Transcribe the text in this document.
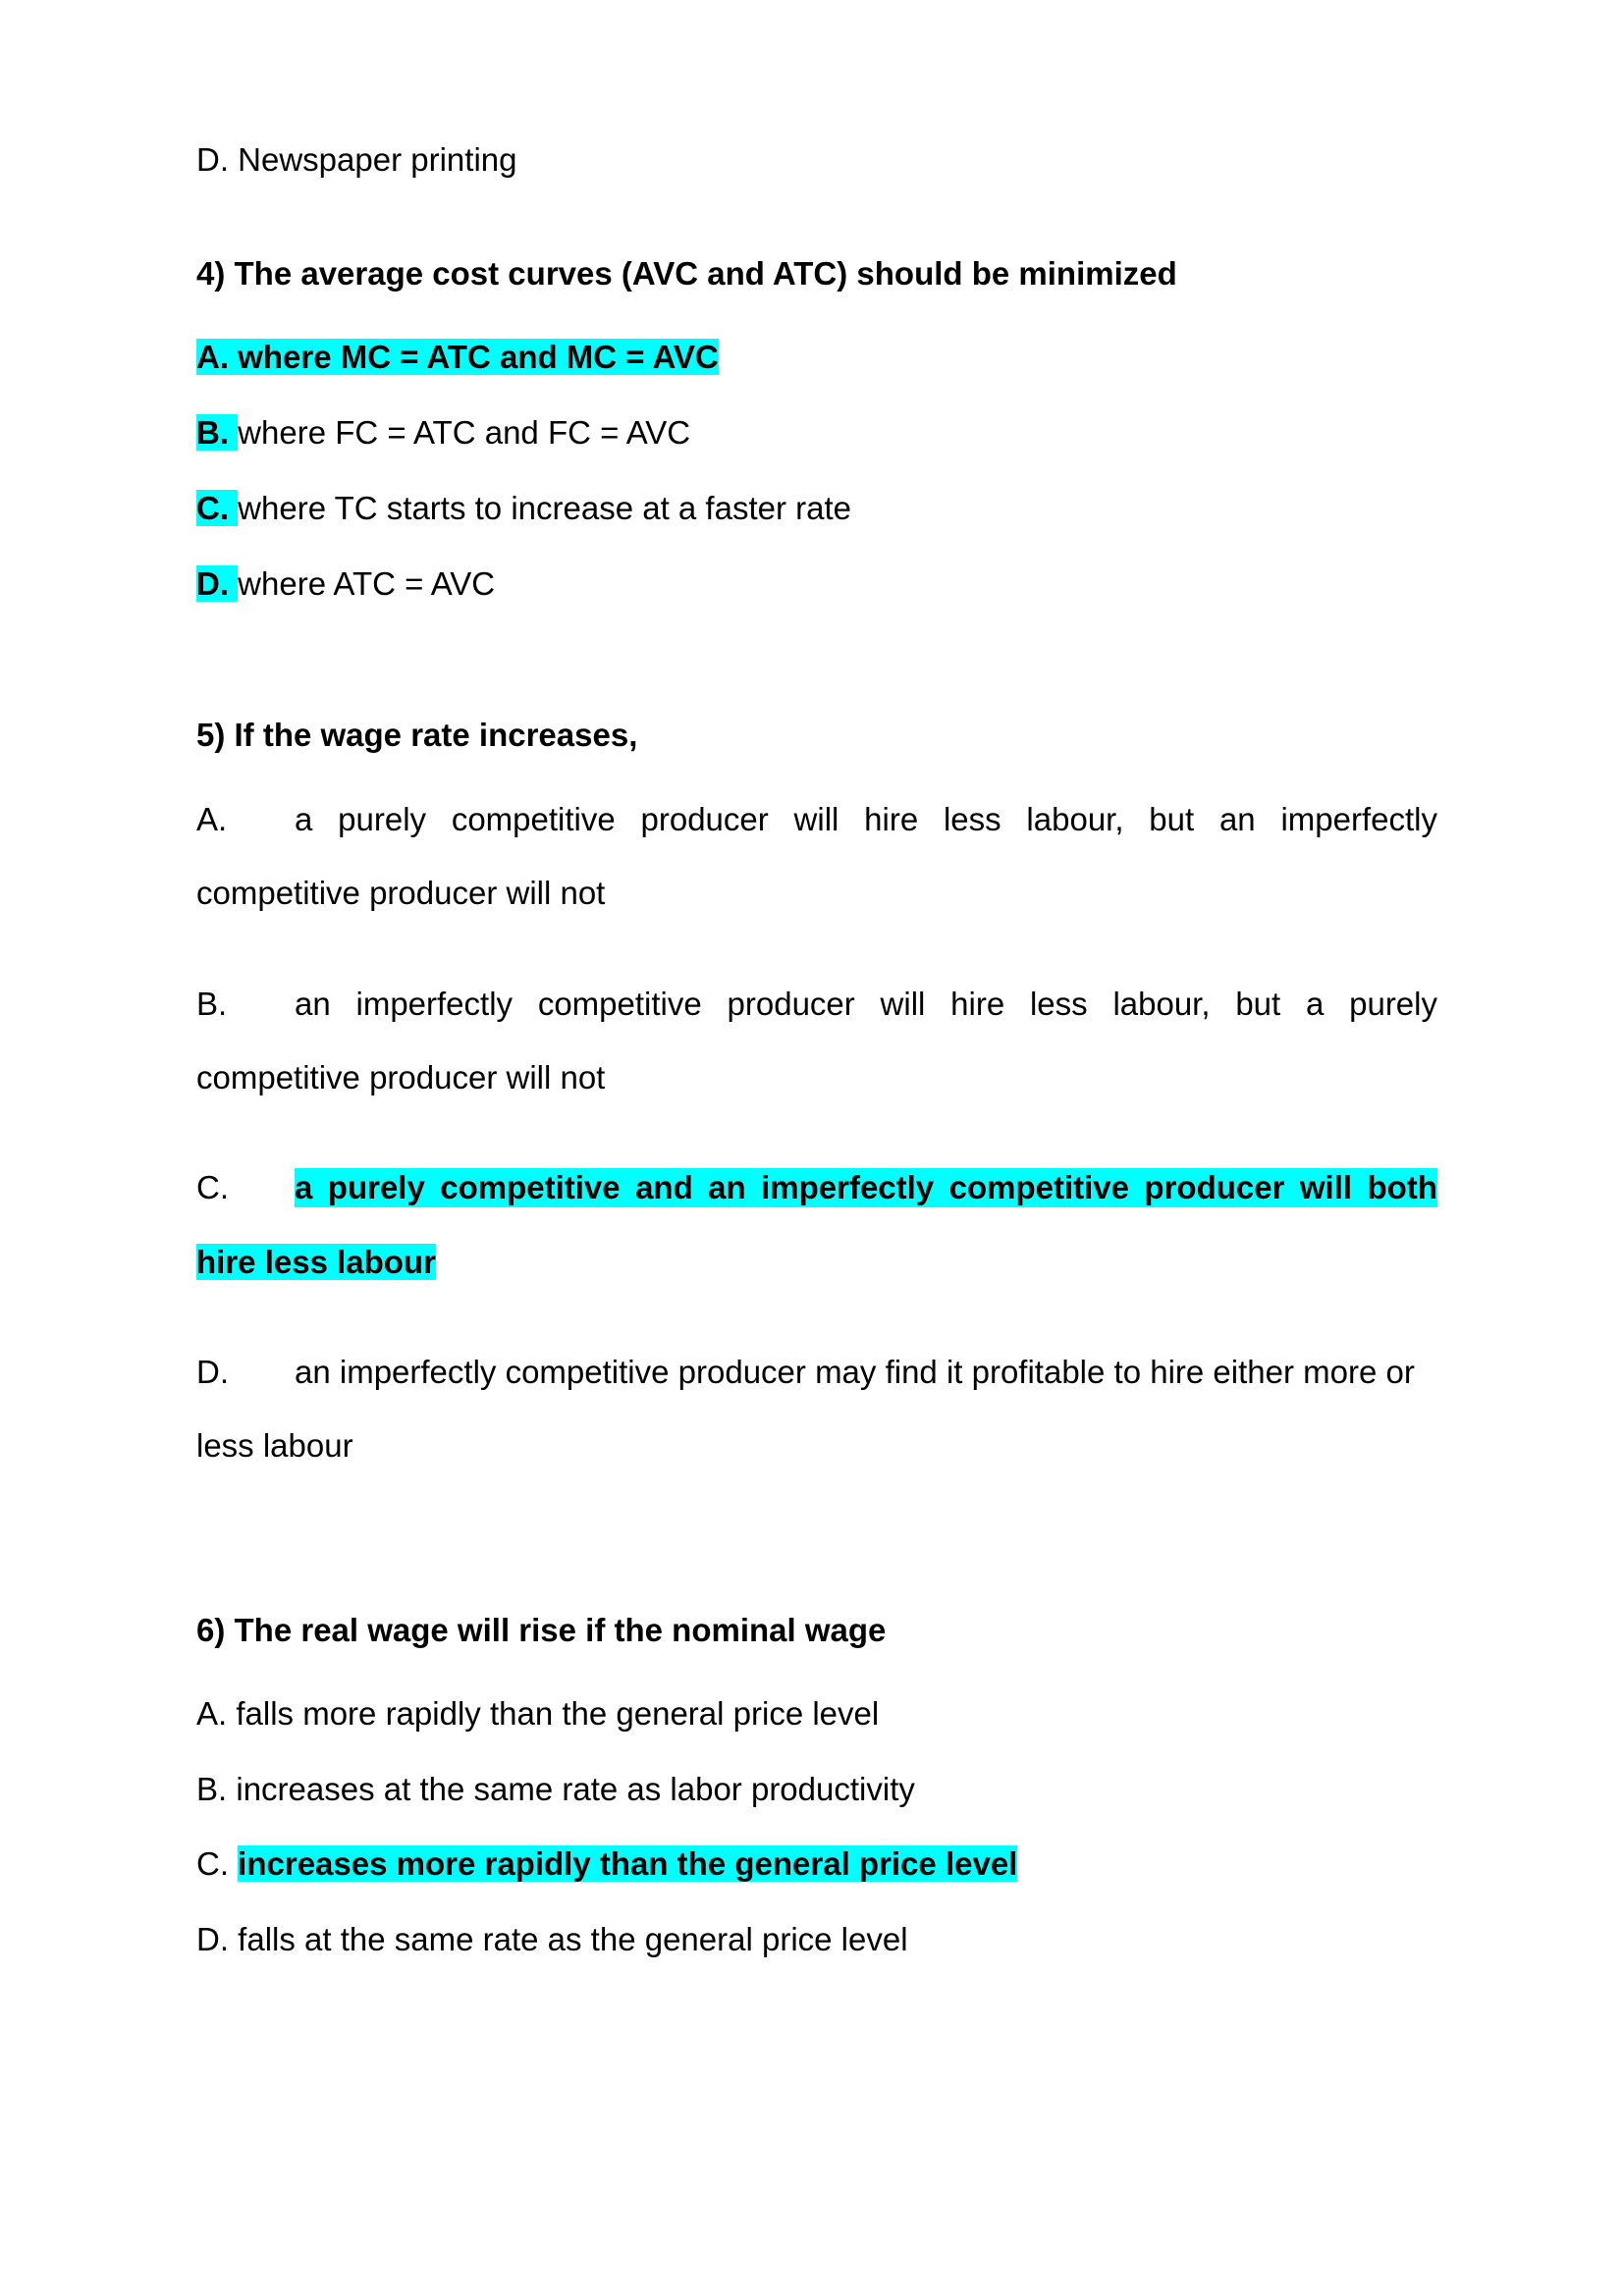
D. Newspaper printing
4) The average cost curves (AVC and ATC) should be minimized
A. where MC = ATC and MC = AVC
B. where FC = ATC and FC = AVC
C. where TC starts to increase at a faster rate
D. where ATC = AVC
5) If the wage rate increases,
A. a purely competitive producer will hire less labour, but an imperfectly
competitive producer will not
B. an imperfectly competitive producer will hire less labour, but a purely
competitive producer will not
C. a purely competitive and an imperfectly competitive producer will both
hire less labour
D. an imperfectly competitive producer may find it profitable to hire either more or
less labour
6) The real wage will rise if the nominal wage
A. falls more rapidly than the general price level
B. increases at the same rate as labor productivity
C. increases more rapidly than the general price level
D. falls at the same rate as the general price level
